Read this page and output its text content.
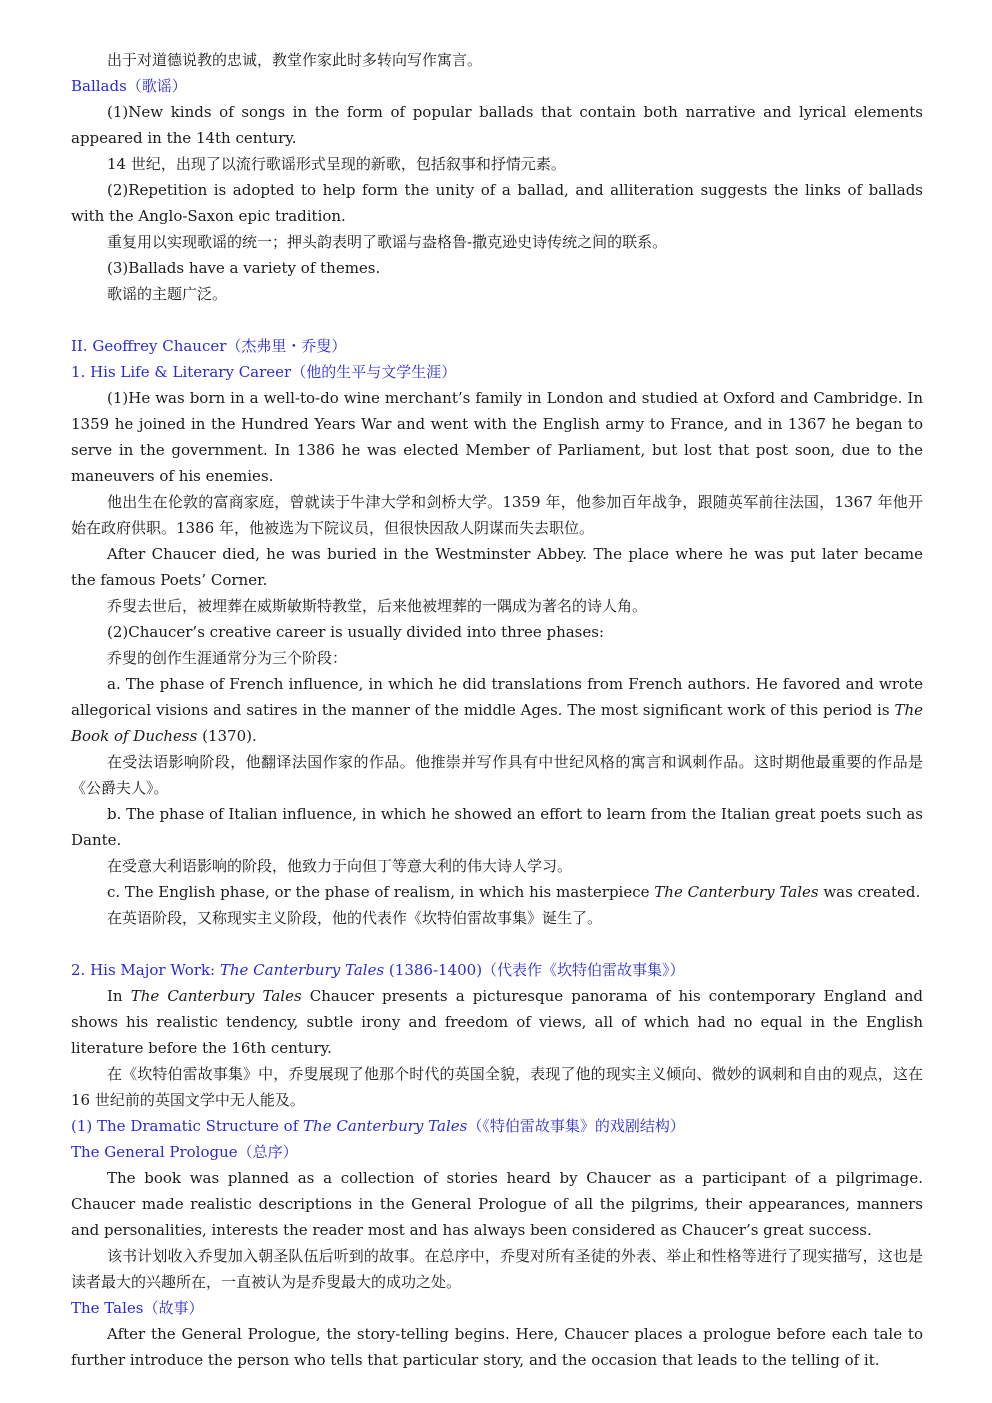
出于对道德说教的忠诚，教堂作家此时多转向写作寓言。

Ballads（歌谣）

(1)New kinds of songs in the form of popular ballads that contain both narrative and lyrical elements appeared in the 14th century.

14 世纪，出现了以流行歌谣形式呈现的新歌，包括叙事和抒情元素。

(2)Repetition is adopted to help form the unity of a ballad, and alliteration suggests the links of ballads with the Anglo-Saxon epic tradition.

重复用以实现歌谣的统一；押头韵表明了歌谣与盎格鲁-撒克逊史诗传统之间的联系。

(3)Ballads have a variety of themes.

歌谣的主题广泛。

II. Geoffrey Chaucer（杰弗里・乔叟）

1. His Life & Literary Career（他的生平与文学生涯）

(1)He was born in a well-to-do wine merchant’s family in London and studied at Oxford and Cambridge. In 1359 he joined in the Hundred Years War and went with the English army to France, and in 1367 he began to serve in the government. In 1386 he was elected Member of Parliament, but lost that post soon, due to the maneuvers of his enemies.

他出生在伦敦的富商家庭，曾就读于牛津大学和剑桥大学。1359 年，他参加百年战争，跟随英军前往法国，1367 年他开始在政府供职。1386 年，他被选为下院议员，但很快因敌人阴谋而失去职位。

After Chaucer died, he was buried in the Westminster Abbey. The place where he was put later became the famous Poets’ Corner.

乔叟去世后，被埋葬在威斯敏斯特教堂，后来他被埋葬的一隅成为著名的诗人角。

(2)Chaucer’s creative career is usually divided into three phases:

乔叟的创作生涯通常分为三个阶段：

a. The phase of French influence, in which he did translations from French authors. He favored and wrote allegorical visions and satires in the manner of the middle Ages. The most significant work of this period is The Book of Duchess (1370).

在受法语影响阶段，他翻译法国作家的作品。他推崇并写作具有中世纪风格的寓言和讽刺作品。这时期他最重要的作品是《公爵夫人》。

b. The phase of Italian influence, in which he showed an effort to learn from the Italian great poets such as Dante.

在受意大利语影响的阶段，他致力于向但丁等意大利的伟大诗人学习。

c. The English phase, or the phase of realism, in which his masterpiece The Canterbury Tales was created.

在英语阶段，又称现实主义阶段，他的代表作《坎特伯雷故事集》诞生了。

2. His Major Work: The Canterbury Tales (1386-1400)（代表作《坎特伯雷故事集》）

In The Canterbury Tales Chaucer presents a picturesque panorama of his contemporary England and shows his realistic tendency, subtle irony and freedom of views, all of which had no equal in the English literature before the 16th century.

在《坎特伯雷故事集》中，乔叟展现了他那个时代的英国全貌，表现了他的现实主义倾向、微妙的讽刺和自由的观点，这在 16 世纪前的英国文学中无人能及。

(1) The Dramatic Structure of The Canterbury Tales（《特伯雷故事集》的戏剧结构）

The General Prologue（总序）

The book was planned as a collection of stories heard by Chaucer as a participant of a pilgrimage. Chaucer made realistic descriptions in the General Prologue of all the pilgrims, their appearances, manners and personalities, interests the reader most and has always been considered as Chaucer’s great success.

该书计划收入乔叟加入朝圣队伍后听到的故事。在总序中，乔叟对所有圣徒的外表、举止和性格等进行了现实描写，这也是读者最大的兴趣所在，一直被认为是乔叟最大的成功之处。

The Tales（故事）

After the General Prologue, the story-telling begins. Here, Chaucer places a prologue before each tale to further introduce the person who tells that particular story, and the occasion that leads to the telling of it.
